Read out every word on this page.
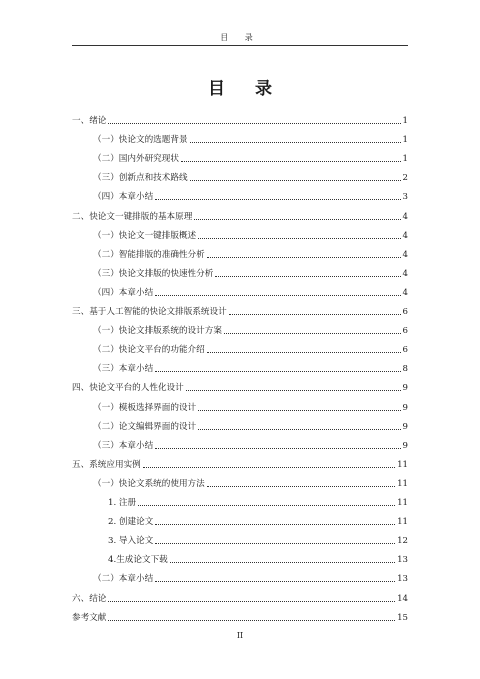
目 录
目 录
一、绪论	1
（一）快论文的选题背景	1
（二）国内外研究现状	1
（三）创新点和技术路线	2
（四）本章小结	3
二、快论文一键排版的基本原理	4
（一）快论文一键排版概述	4
（二）智能排版的准确性分析	4
（三）快论文排版的快速性分析	4
（四）本章小结	4
三、基于人工智能的快论文排版系统设计	6
（一）快论文排版系统的设计方案	6
（二）快论文平台的功能介绍	6
（三）本章小结	8
四、快论文平台的人性化设计	9
（一）模板选择界面的设计	9
（二）论文编辑界面的设计	9
（三）本章小结	9
五、系统应用实例	11
（一）快论文系统的使用方法	11
1. 注册	11
2. 创建论文	11
3. 导入论文	12
4.生成论文下载	13
（二）本章小结	13
六、结论	14
参考文献	15
II
